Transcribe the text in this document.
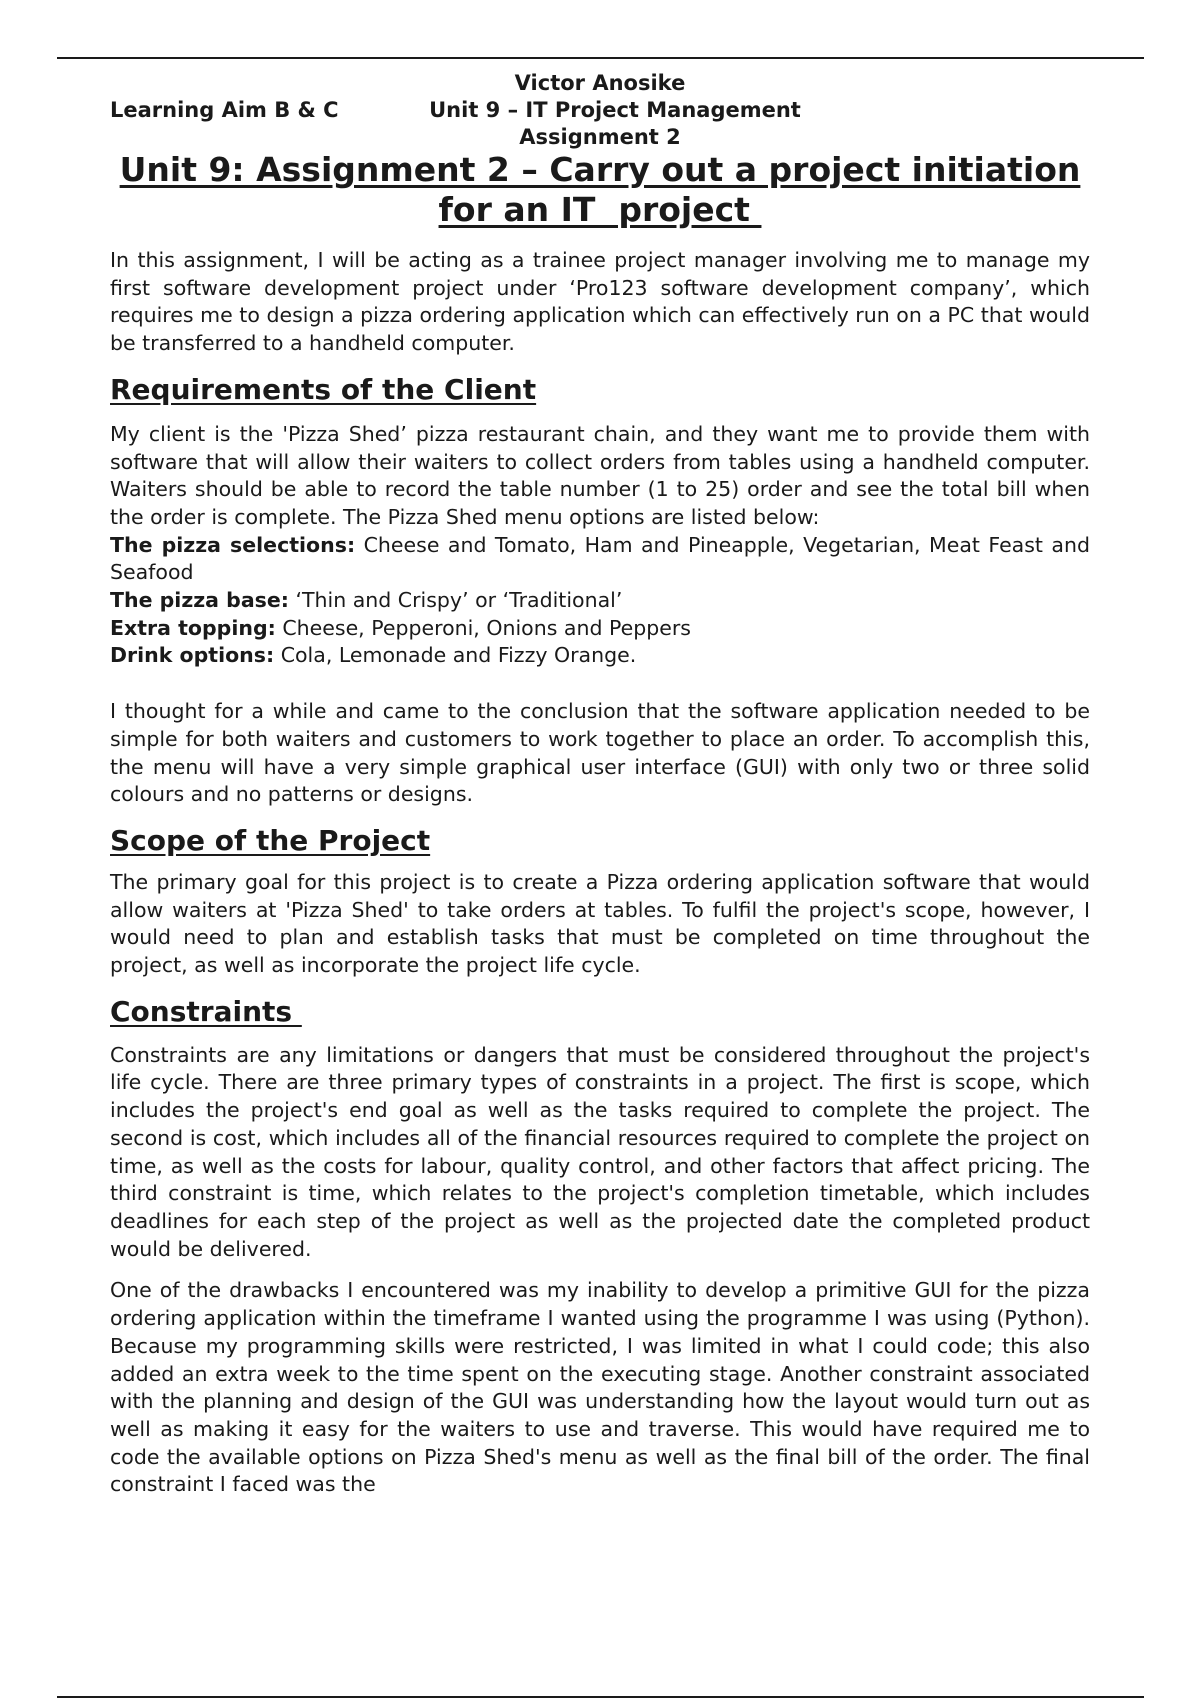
Victor Anosike
Learning Aim B & C	Unit 9 – IT Project Management
Assignment 2
Unit 9: Assignment 2 – Carry out a project initiation
for an IT  project

In this assignment, I will be acting as a trainee project manager involving me to manage my first software development project under ‘Pro123 software development company’, which requires me to design a pizza ordering application which can effectively run on a PC that would be transferred to a handheld computer.

Requirements of the Client

My client is the 'Pizza Shed’ pizza restaurant chain, and they want me to provide them with software that will allow their waiters to collect orders from tables using a handheld computer. Waiters should be able to record the table number (1 to 25) order and see the total bill when the order is complete. The Pizza Shed menu options are listed below:

The pizza selections: Cheese and Tomato, Ham and Pineapple, Vegetarian, Meat Feast and Seafood
The pizza base: ‘Thin and Crispy’ or ‘Traditional’
Extra topping: Cheese, Pepperoni, Onions and Peppers
Drink options: Cola, Lemonade and Fizzy Orange.

I thought for a while and came to the conclusion that the software application needed to be simple for both waiters and customers to work together to place an order. To accomplish this, the menu will have a very simple graphical user interface (GUI) with only two or three solid colours and no patterns or designs.

Scope of the Project

The primary goal for this project is to create a Pizza ordering application software that would allow waiters at 'Pizza Shed' to take orders at tables. To fulfil the project's scope, however, I would need to plan and establish tasks that must be completed on time throughout the project, as well as incorporate the project life cycle.

Constraints

Constraints are any limitations or dangers that must be considered throughout the project's life cycle. There are three primary types of constraints in a project. The first is scope, which includes the project's end goal as well as the tasks required to complete the project. The second is cost, which includes all of the financial resources required to complete the project on time, as well as the costs for labour, quality control, and other factors that affect pricing. The third constraint is time, which relates to the project's completion timetable, which includes deadlines for each step of the project as well as the projected date the completed product would be delivered.

One of the drawbacks I encountered was my inability to develop a primitive GUI for the pizza ordering application within the timeframe I wanted using the programme I was using (Python). Because my programming skills were restricted, I was limited in what I could code; this also added an extra week to the time spent on the executing stage. Another constraint associated with the planning and design of the GUI was understanding how the layout would turn out as well as making it easy for the waiters to use and traverse. This would have required me to code the available options on Pizza Shed's menu as well as the final bill of the order. The final constraint I faced was the
